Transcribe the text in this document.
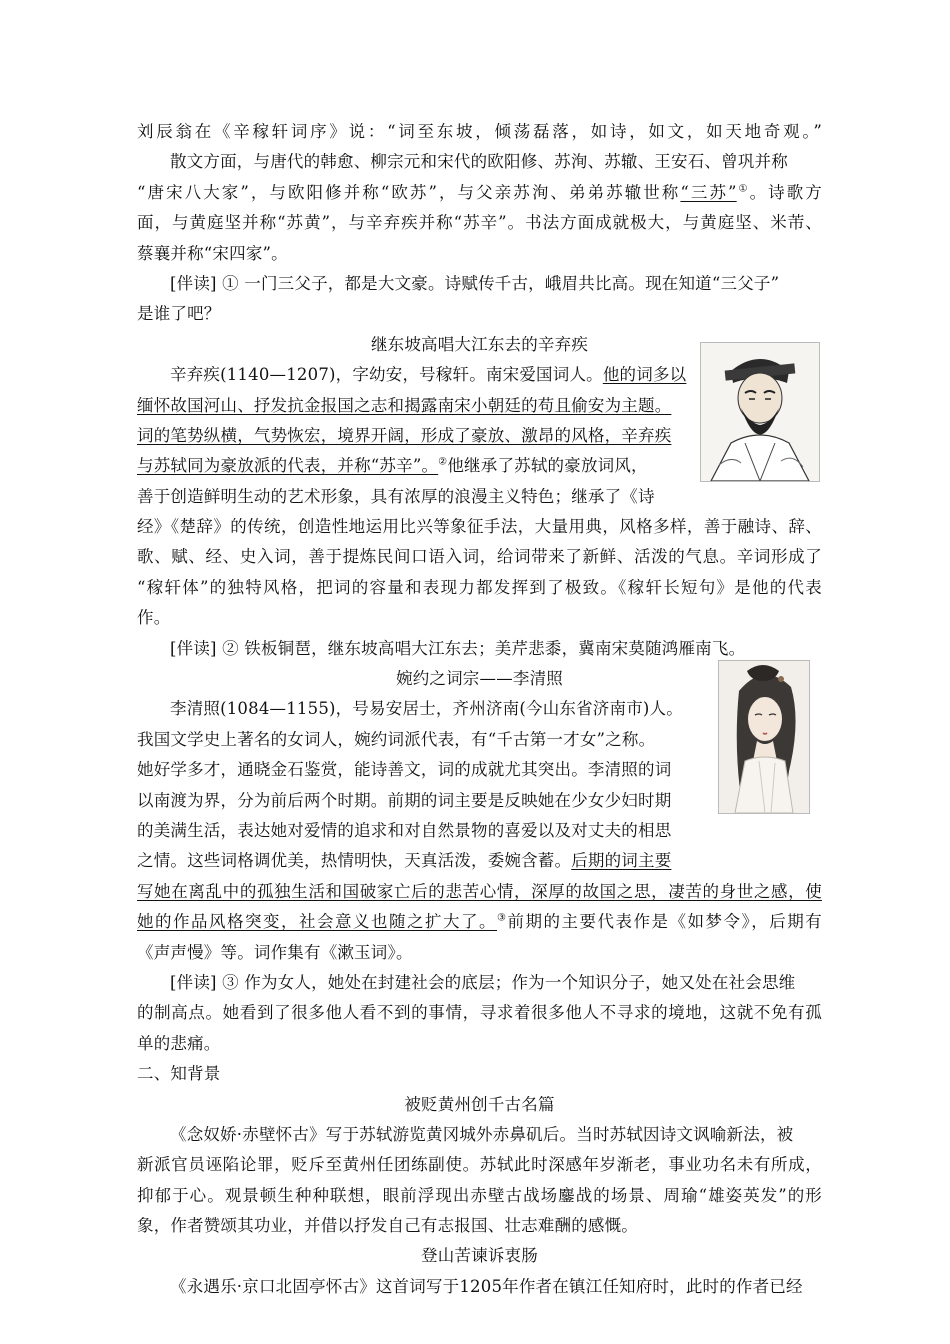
刘辰翁在《辛稼轩词序》说：“词至东坡，倾荡磊落，如诗，如文，如天地奇观。”
散文方面，与唐代的韩愈、柳宗元和宋代的欧阳修、苏洵、苏辙、王安石、曾巩并称
“唐宋八大家”，与欧阳修并称“欧苏”，与父亲苏洵、弟弟苏辙世称“三苏”①。诗歌方
面，与黄庭坚并称“苏黄”，与辛弃疾并称“苏辛”。书法方面成就极大，与黄庭坚、米芾、
蔡襄并称“宋四家”。
[伴读] ① 一门三父子，都是大文豪。诗赋传千古，峨眉共比高。现在知道“三父子”
是谁了吧？
继东坡高唱大江东去的辛弃疾
辛弃疾(1140—1207)，字幼安，号稼轩。南宋爱国词人。他的词多以
缅怀故国河山、抒发抗金报国之志和揭露南宋小朝廷的苟且偷安为主题。
词的笔势纵横，气势恢宏，境界开阔，形成了豪放、激昂的风格，辛弃疾
与苏轼同为豪放派的代表，并称“苏辛”。②他继承了苏轼的豪放词风，
善于创造鲜明生动的艺术形象，具有浓厚的浪漫主义特色；继承了《诗
经》《楚辞》的传统，创造性地运用比兴等象征手法，大量用典，风格多样，善于融诗、辞、
歌、赋、经、史入词，善于提炼民间口语入词，给词带来了新鲜、活泼的气息。辛词形成了
“稼轩体”的独特风格，把词的容量和表现力都发挥到了极致。《稼轩长短句》是他的代表
作。
[伴读] ② 铁板铜琶，继东坡高唱大江东去；美芹悲黍，冀南宋莫随鸿雁南飞。
婉约之词宗——李清照
李清照(1084—1155)，号易安居士，齐州济南(今山东省济南市)人。
我国文学史上著名的女词人，婉约词派代表，有“千古第一才女”之称。
她好学多才，通晓金石鉴赏，能诗善文，词的成就尤其突出。李清照的词
以南渡为界，分为前后两个时期。前期的词主要是反映她在少女少妇时期
的美满生活，表达她对爱情的追求和对自然景物的喜爱以及对丈夫的相思
之情。这些词格调优美，热情明快，天真活泼，委婉含蓄。后期的词主要
写她在离乱中的孤独生活和国破家亡后的悲苦心情，深厚的故国之思，凄苦的身世之感，使
她的作品风格突变，社会意义也随之扩大了。③前期的主要代表作是《如梦令》，后期有
《声声慢》等。词作集有《漱玉词》。
[伴读] ③ 作为女人，她处在封建社会的底层；作为一个知识分子，她又处在社会思维
的制高点。她看到了很多他人看不到的事情，寻求着很多他人不寻求的境地，这就不免有孤
单的悲痛。
二、知背景
被贬黄州创千古名篇
《念奴娇·赤壁怀古》写于苏轼游览黄冈城外赤鼻矶后。当时苏轼因诗文讽喻新法，被
新派官员诬陷论罪，贬斥至黄州任团练副使。苏轼此时深感年岁渐老，事业功名未有所成，
抑郁于心。观景顿生种种联想，眼前浮现出赤壁古战场鏖战的场景、周瑜“雄姿英发”的形
象，作者赞颂其功业，并借以抒发自己有志报国、壮志难酬的感慨。
登山苦谏诉衷肠
《永遇乐·京口北固亭怀古》这首词写于1205年作者在镇江任知府时，此时的作者已经
